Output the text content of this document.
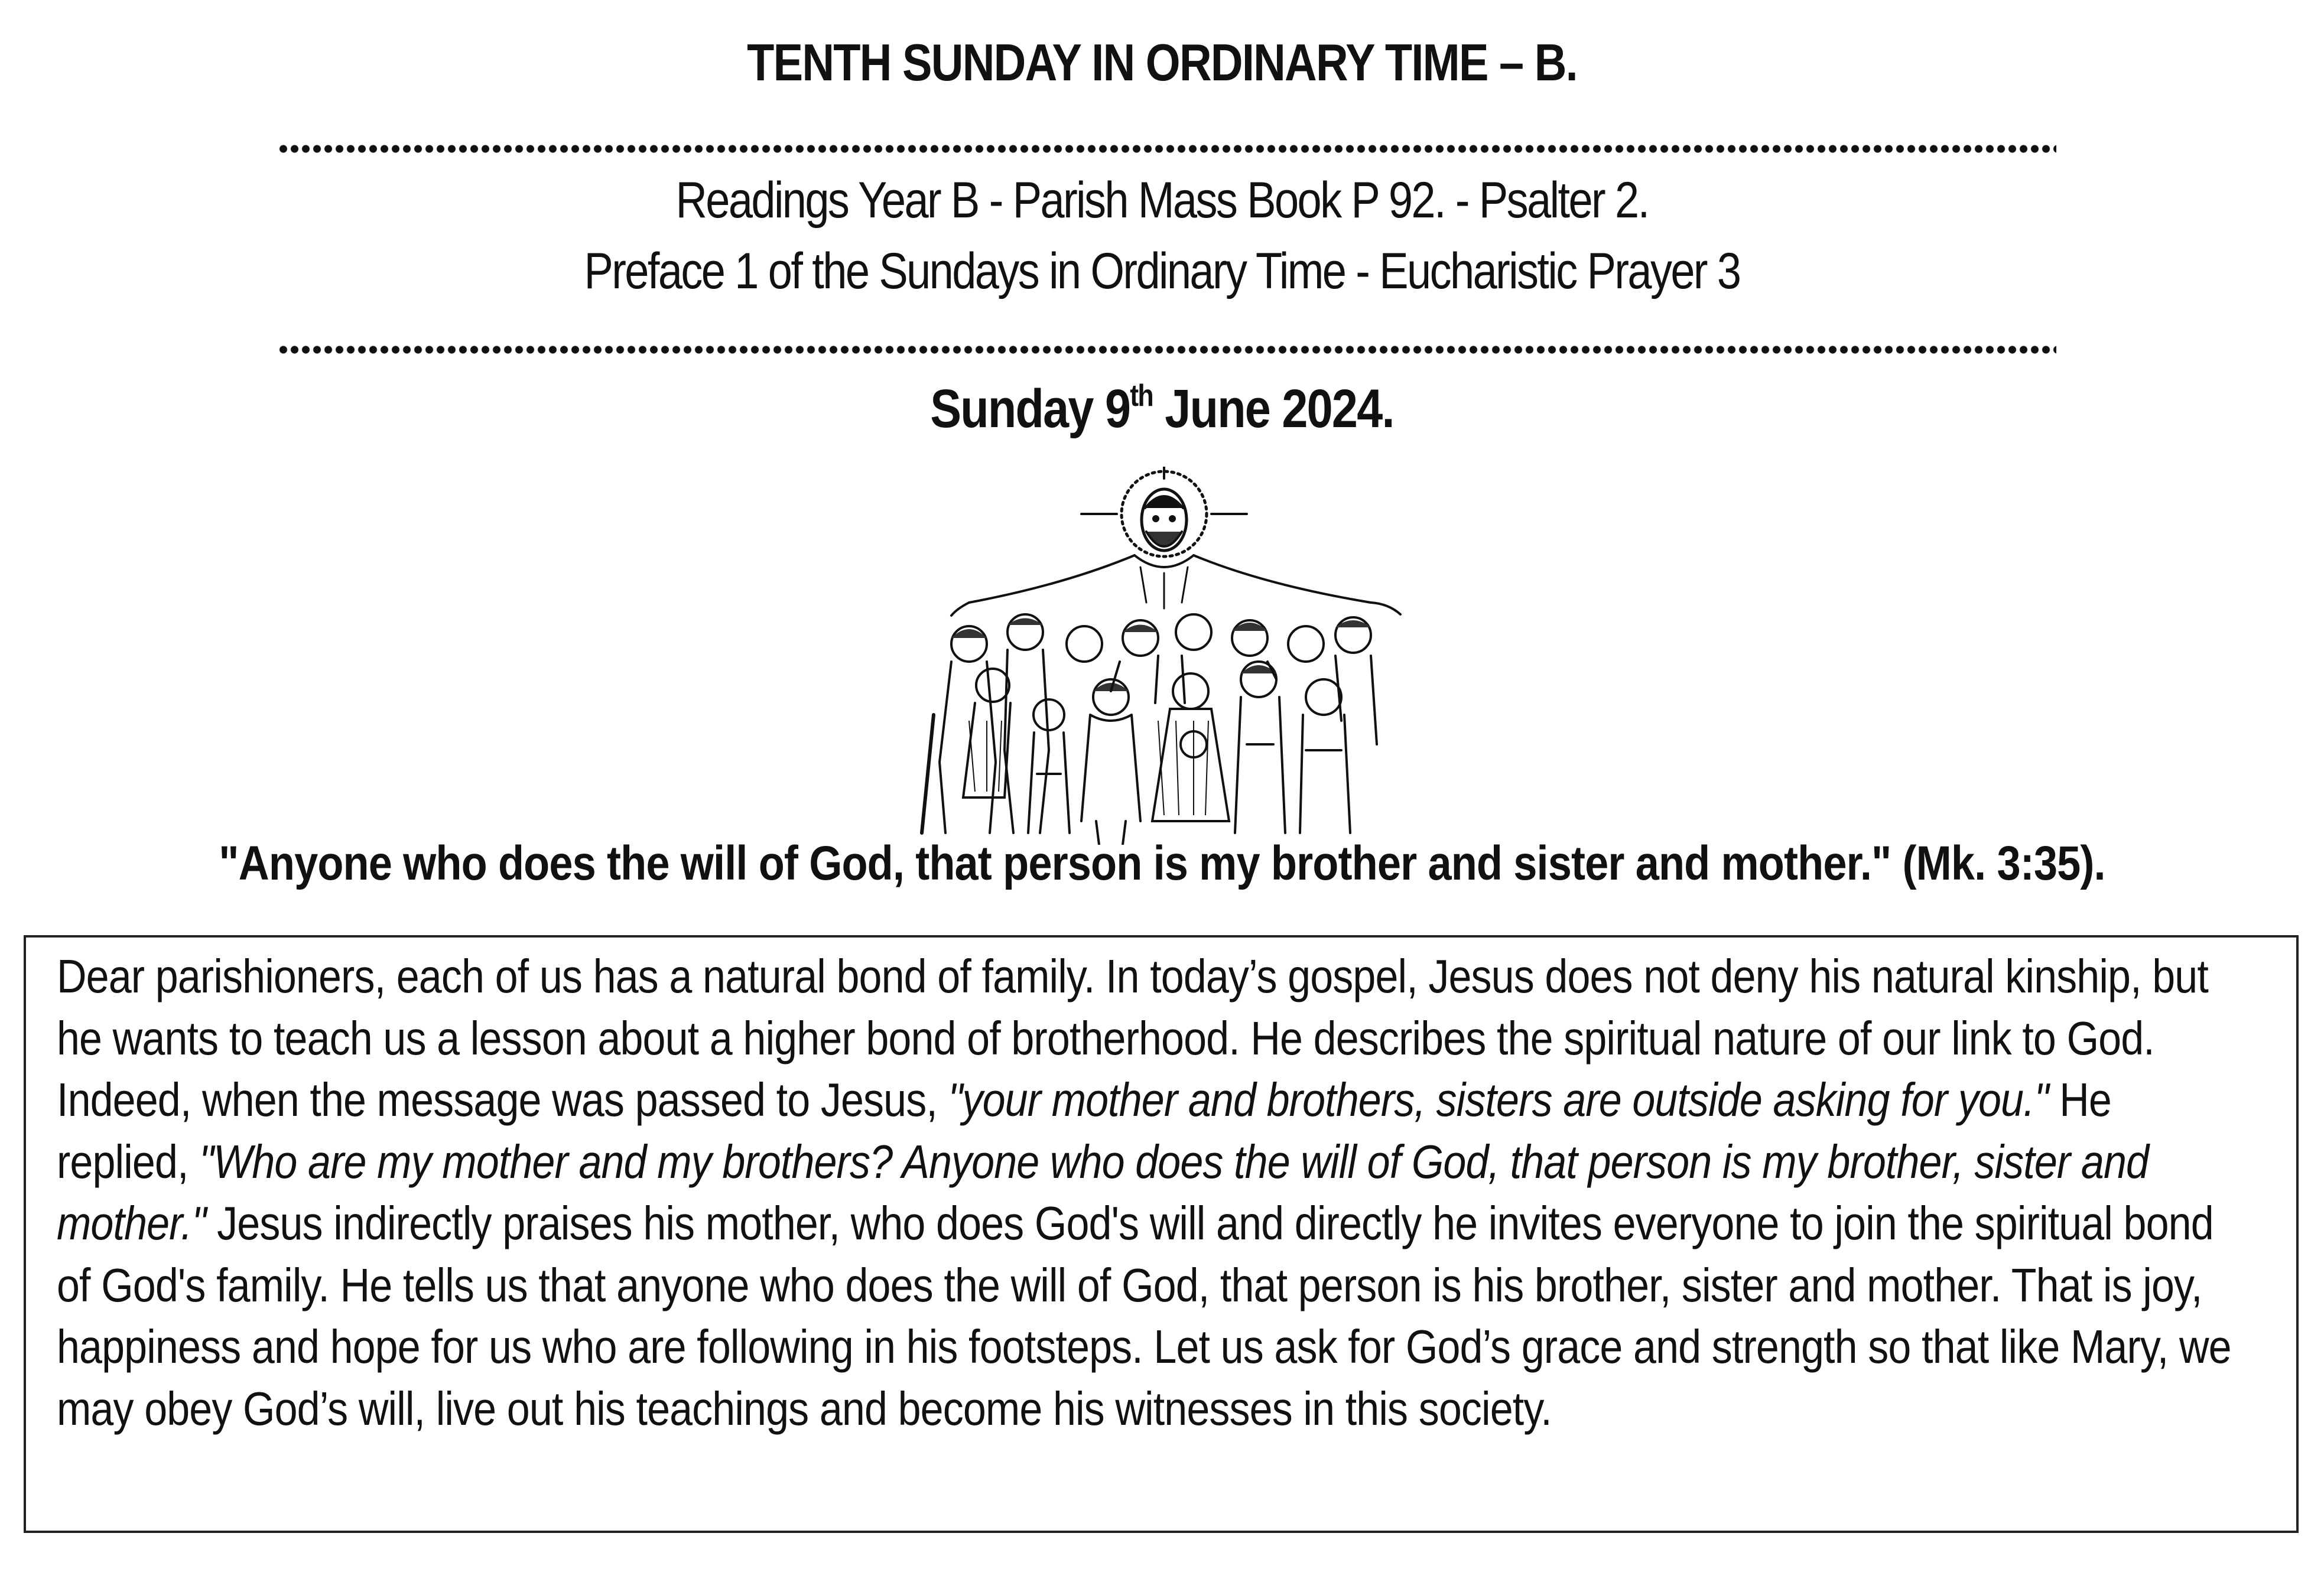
TENTH SUNDAY IN ORDINARY TIME – B.
Readings Year B - Parish Mass Book P 92. - Psalter 2.
Preface 1 of the Sundays in Ordinary Time - Eucharistic Prayer 3
Sunday 9th June 2024.
"Anyone who does the will of God, that person is my brother and sister and mother." (Mk. 3:35).
Dear parishioners, each of us has a natural bond of family. In today’s gospel, Jesus does not deny his natural kinship, but he wants to teach us a lesson about a higher bond of brotherhood. He describes the spiritual nature of our link to God. Indeed, when the message was passed to Jesus, "your mother and brothers, sisters are outside asking for you." He replied, "Who are my mother and my brothers? Anyone who does the will of God, that person is my brother, sister and mother." Jesus indirectly praises his mother, who does God's will and directly he invites everyone to join the spiritual bond of God's family. He tells us that anyone who does the will of God, that person is his brother, sister and mother. That is joy, happiness and hope for us who are following in his footsteps. Let us ask for God’s grace and strength so that like Mary, we may obey God’s will, live out his teachings and become his witnesses in this society.
